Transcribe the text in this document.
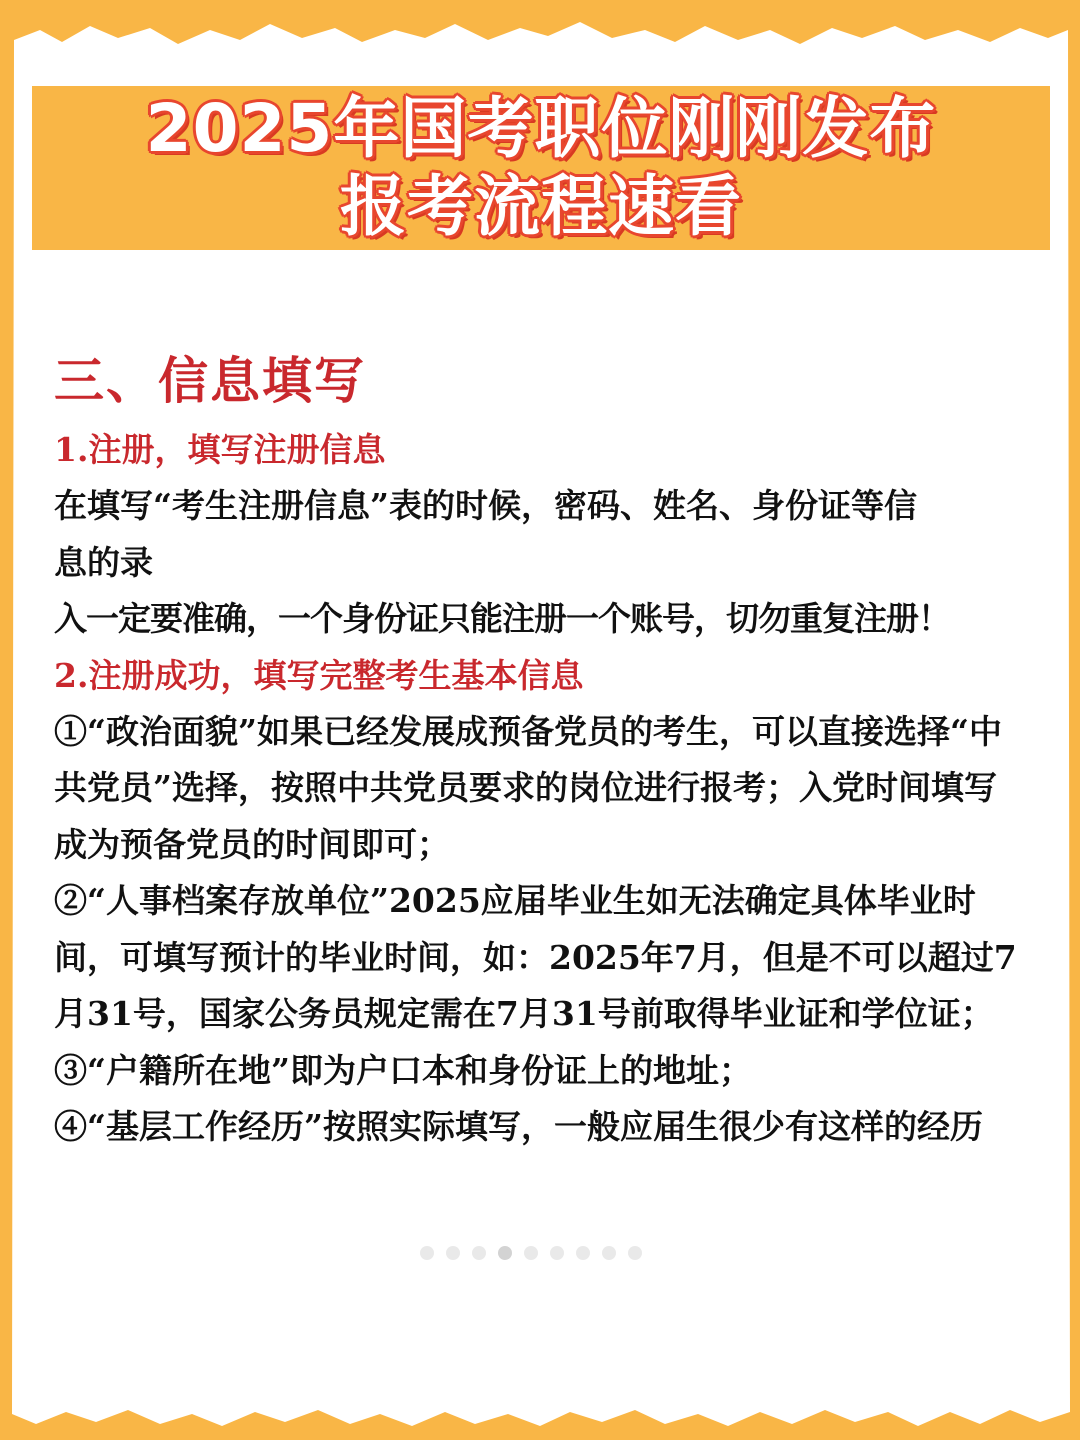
2025年国考职位刚刚发布
报考流程速看
三、信息填写
1.注册，填写注册信息
在填写“考生注册信息”表的时候，密码、姓名、身份证等信
息的录
入一定要准确，一个身份证只能注册一个账号，切勿重复注册！
2.注册成功，填写完整考生基本信息
①“政治面貌”如果已经发展成预备党员的考生，可以直接选择“中共党员”选择，按照中共党员要求的岗位进行报考；入党时间填写成为预备党员的时间即可；
②“人事档案存放单位”2025应届毕业生如无法确定具体毕业时间，可填写预计的毕业时间，如：2025年7月，但是不可以超过7月31号，国家公务员规定需在7月31号前取得毕业证和学位证；
③“户籍所在地”即为户口本和身份证上的地址；
④“基层工作经历”按照实际填写，一般应届生很少有这样的经历
